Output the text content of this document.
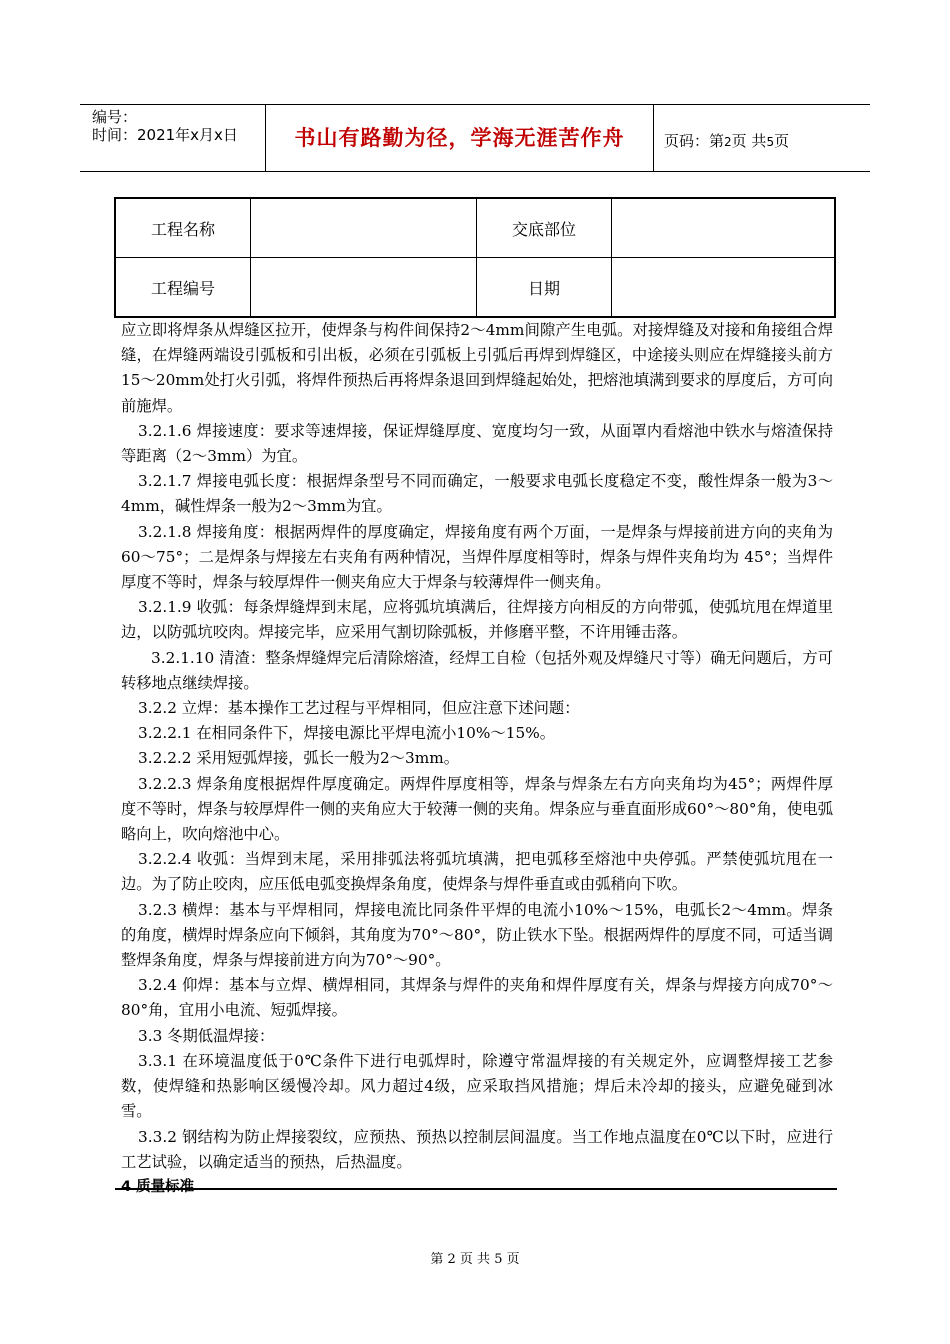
编号：
时间：2021年x月x日	书山有路勤为径，学海无涯苦作舟	页码：第2页 共5页
工程名称		交底部位	
工程编号		日期	

应立即将焊条从焊缝区拉开，使焊条与构件间保持2～4mm间隙产生电弧。对接焊缝及对接和角接组合焊缝，在焊缝两端设引弧板和引出板，必须在引弧板上引弧后再焊到焊缝区，中途接头则应在焊缝接头前方15～20mm处打火引弧，将焊件预热后再将焊条退回到焊缝起始处，把熔池填满到要求的厚度后，方可向前施焊。

3.2.1.6 焊接速度：要求等速焊接，保证焊缝厚度、宽度均匀一致，从面罩内看熔池中铁水与熔渣保持等距离（2～3mm）为宜。

3.2.1.7 焊接电弧长度：根据焊条型号不同而确定，一般要求电弧长度稳定不变，酸性焊条一般为3～4mm，碱性焊条一般为2～3mm为宜。

3.2.1.8 焊接角度：根据两焊件的厚度确定，焊接角度有两个万面，一是焊条与焊接前进方向的夹角为60～75°；二是焊条与焊接左右夹角有两种情况，当焊件厚度相等时，焊条与焊件夹角均为 45°；当焊件厚度不等时，焊条与较厚焊件一侧夹角应大于焊条与较薄焊件一侧夹角。

3.2.1.9 收弧：每条焊缝焊到末尾，应将弧坑填满后，往焊接方向相反的方向带弧，使弧坑甩在焊道里边，以防弧坑咬肉。焊接完毕，应采用气割切除弧板，并修磨平整，不许用锤击落。

3.2.1.10 清渣：整条焊缝焊完后清除熔渣，经焊工自检（包括外观及焊缝尺寸等）确无问题后，方可转移地点继续焊接。

3.2.2 立焊：基本操作工艺过程与平焊相同，但应注意下述问题：

3.2.2.1 在相同条件下，焊接电源比平焊电流小10%～15%。

3.2.2.2 采用短弧焊接，弧长一般为2～3mm。

3.2.2.3 焊条角度根据焊件厚度确定。两焊件厚度相等，焊条与焊条左右方向夹角均为45°；两焊件厚度不等时，焊条与较厚焊件一侧的夹角应大于较薄一侧的夹角。焊条应与垂直面形成60°～80°角，使电弧略向上，吹向熔池中心。

3.2.2.4 收弧：当焊到末尾，采用排弧法将弧坑填满，把电弧移至熔池中央停弧。严禁使弧坑甩在一边。为了防止咬肉，应压低电弧变换焊条角度，使焊条与焊件垂直或由弧稍向下吹。

3.2.3 横焊：基本与平焊相同，焊接电流比同条件平焊的电流小10%～15%，电弧长2～4mm。焊条的角度，横焊时焊条应向下倾斜，其角度为70°～80°，防止铁水下坠。根据两焊件的厚度不同，可适当调整焊条角度，焊条与焊接前进方向为70°～90°。

3.2.4 仰焊：基本与立焊、横焊相同，其焊条与焊件的夹角和焊件厚度有关，焊条与焊接方向成70°～80°角，宜用小电流、短弧焊接。

3.3 冬期低温焊接：

3.3.1 在环境温度低于0℃条件下进行电弧焊时，除遵守常温焊接的有关规定外，应调整焊接工艺参数，使焊缝和热影响区缓慢冷却。风力超过4级，应采取挡风措施；焊后未冷却的接头，应避免碰到冰雪。

3.3.2 钢结构为防止焊接裂纹，应预热、预热以控制层间温度。当工作地点温度在0℃以下时，应进行工艺试验，以确定适当的预热，后热温度。

4 质量标准

第 2 页 共 5 页
